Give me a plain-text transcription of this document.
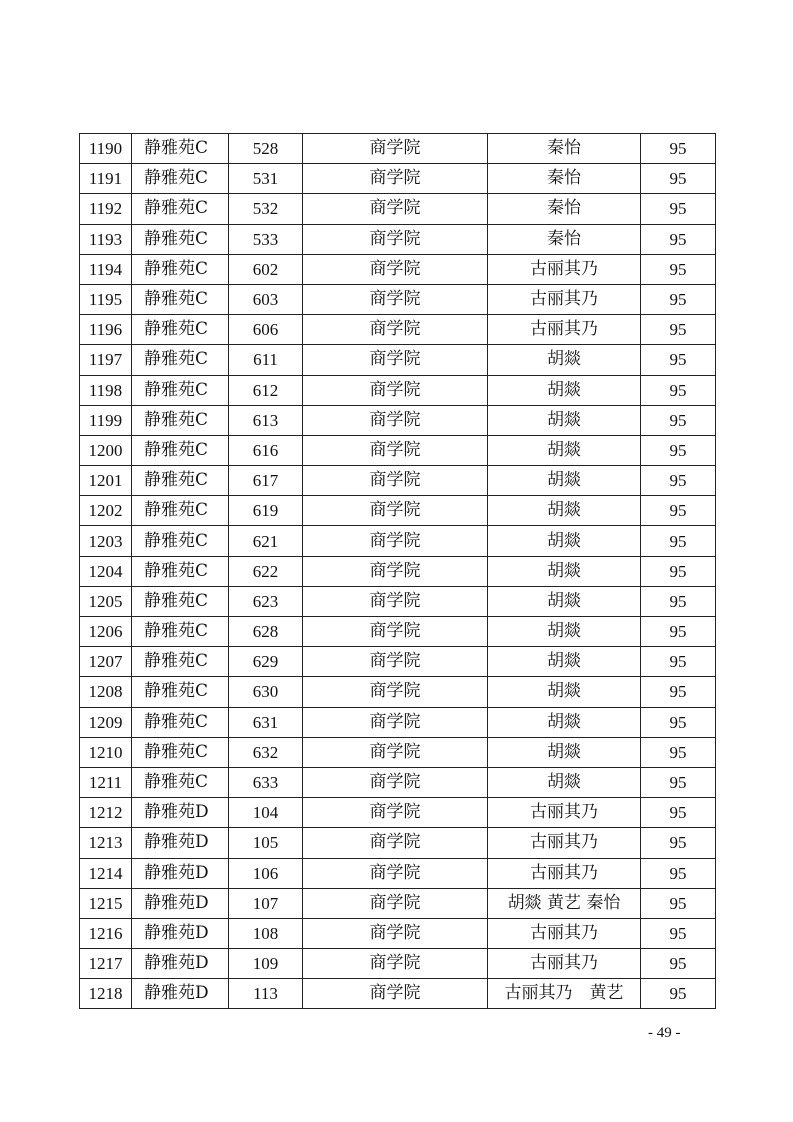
1190	静雅苑C	528	商学院	秦怡	95
1191	静雅苑C	531	商学院	秦怡	95
1192	静雅苑C	532	商学院	秦怡	95
1193	静雅苑C	533	商学院	秦怡	95
1194	静雅苑C	602	商学院	古丽其乃	95
1195	静雅苑C	603	商学院	古丽其乃	95
1196	静雅苑C	606	商学院	古丽其乃	95
1197	静雅苑C	611	商学院	胡燚	95
1198	静雅苑C	612	商学院	胡燚	95
1199	静雅苑C	613	商学院	胡燚	95
1200	静雅苑C	616	商学院	胡燚	95
1201	静雅苑C	617	商学院	胡燚	95
1202	静雅苑C	619	商学院	胡燚	95
1203	静雅苑C	621	商学院	胡燚	95
1204	静雅苑C	622	商学院	胡燚	95
1205	静雅苑C	623	商学院	胡燚	95
1206	静雅苑C	628	商学院	胡燚	95
1207	静雅苑C	629	商学院	胡燚	95
1208	静雅苑C	630	商学院	胡燚	95
1209	静雅苑C	631	商学院	胡燚	95
1210	静雅苑C	632	商学院	胡燚	95
1211	静雅苑C	633	商学院	胡燚	95
1212	静雅苑D	104	商学院	古丽其乃	95
1213	静雅苑D	105	商学院	古丽其乃	95
1214	静雅苑D	106	商学院	古丽其乃	95
1215	静雅苑D	107	商学院	胡燚 黄艺 秦怡	95
1216	静雅苑D	108	商学院	古丽其乃	95
1217	静雅苑D	109	商学院	古丽其乃	95
1218	静雅苑D	113	商学院	古丽其乃　黄艺	95
- 49 -
